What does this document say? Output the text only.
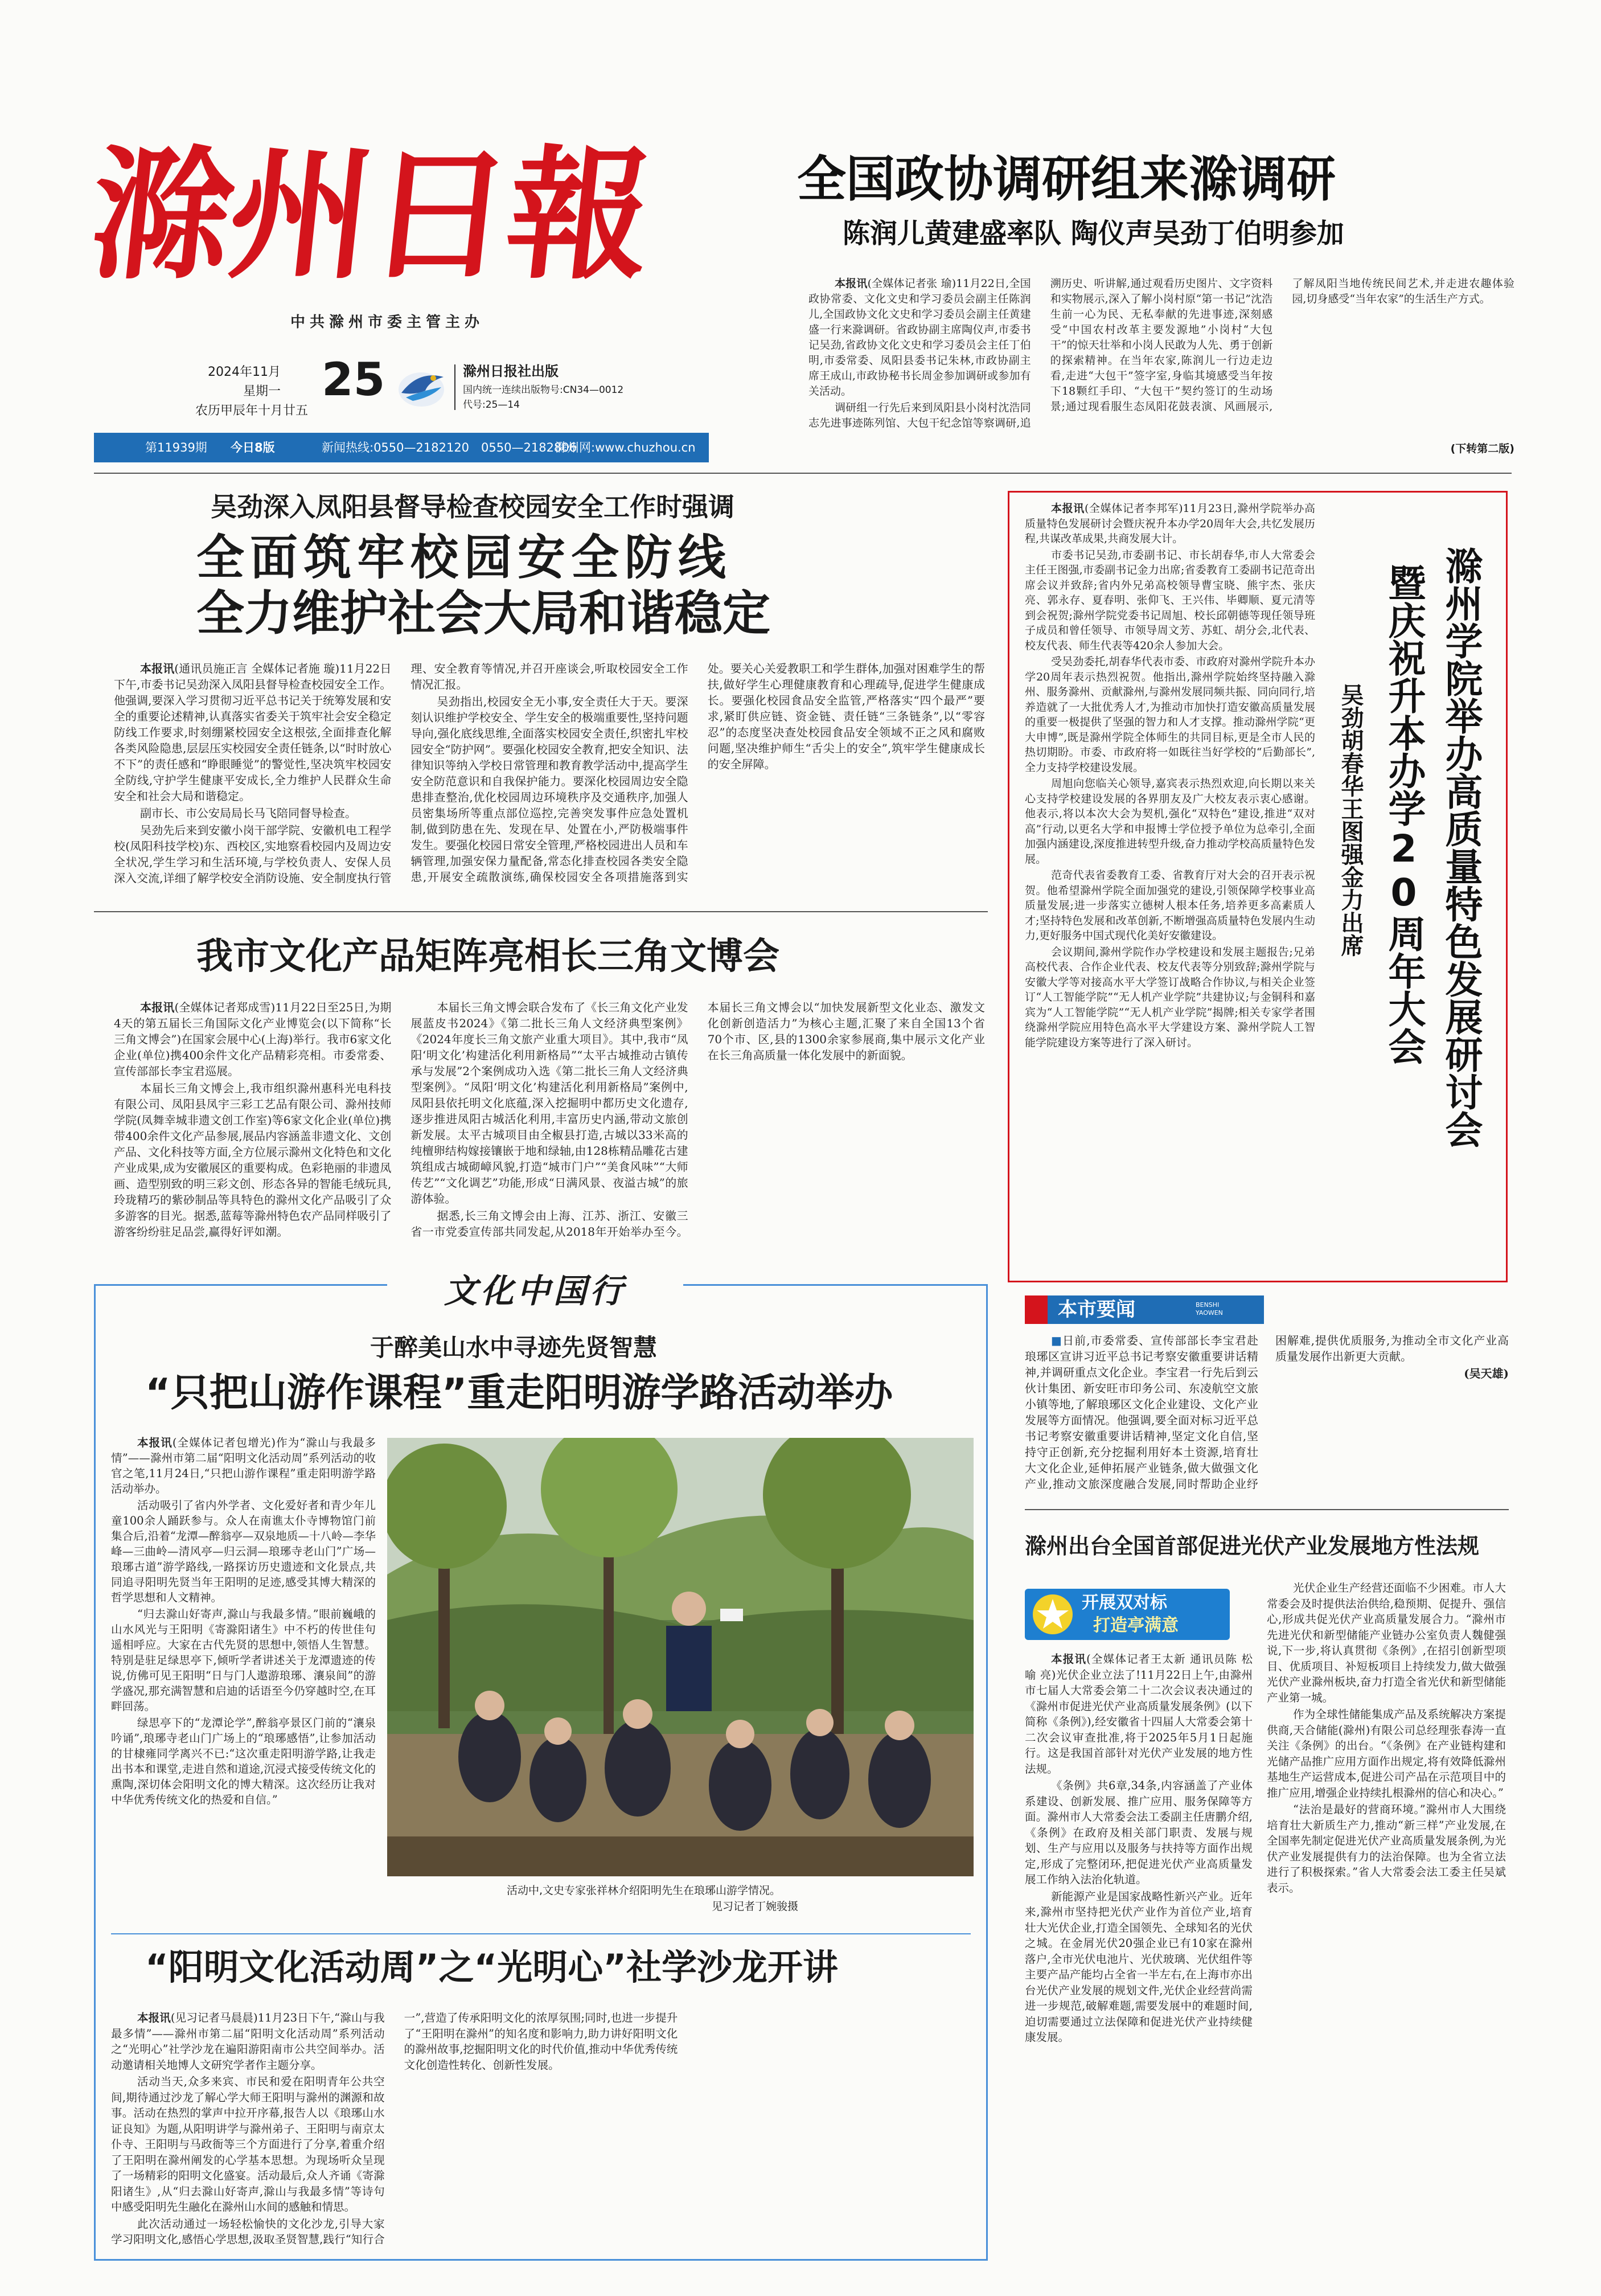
滁州日報
中共滁州市委主管主办
2024年11月
星期一
农历甲辰年十月廿五
25	滁州日报社出版
国内统一连续出版物号:CN34—0012
代号:25—14
第11939期 今日8版	新闻热线:0550—2182120　0550—2182806
滁州网:www.chuzhou.cn
全国政协调研组来滁调研
陈润儿黄建盛率队 陶仪声吴劲丁伯明参加

本报讯(全媒体记者张 瑜)11月22日,全国政协常委、文化文史和学习委员会副主任陈润儿,全国政协文化文史和学习委员会副主任黄建盛一行来滁调研。省政协副主席陶仪声,市委书记吴劲,省政协文化文史和学习委员会主任丁伯明,市委常委、凤阳县委书记朱林,市政协副主席王成山,市政协秘书长周金参加调研或参加有关活动。

调研组一行先后来到凤阳县小岗村沈浩同志先进事迹陈列馆、大包干纪念馆等察调研,追溯历史、听讲解,通过观看历史图片、文字资料和实物展示,深入了解小岗村原“第一书记”沈浩生前一心为民、无私奉献的先进事迹,深刻感受“中国农村改革主要发源地”小岗村“大包干”的惊天壮举和小岗人民敢为人先、勇于创新的探索精神。在当年农家,陈润儿一行边走边看,走进“大包干”签字室,身临其境感受当年按下18颗红手印、“大包干”契约签订的生动场景;通过现看服生态凤阳花鼓表演、风画展示,了解凤阳当地传统民间艺术,并走进农趣体验园,切身感受“当年农家”的生活生产方式。

(下转第二版)
吴劲深入凤阳县督导检查校园安全工作时强调
全面筑牢校园安全防线
全力维护社会大局和谐稳定

本报讯(通讯员施正言 全媒体记者施 璇)11月22日下午,市委书记吴劲深入凤阳县督导检查校园安全工作。他强调,要深入学习贯彻习近平总书记关于统筹发展和安全的重要论述精神,认真落实省委关于筑牢社会安全稳定防线工作要求,时刻绷紧校园安全这根弦,全面排查化解各类风险隐患,层层压实校园安全责任链条,以“时时放心不下”的责任感和“睁眼睡觉”的警觉性,坚决筑牢校园安全防线,守护学生健康平安成长,全力维护人民群众生命安全和社会大局和谐稳定。

副市长、市公安局局长马飞陪同督导检查。

吴劲先后来到安徽小岗干部学院、安徽机电工程学校(凤阳科技学校)东、西校区,实地察看校园内及周边安全状况,学生学习和生活环境,与学校负责人、安保人员深入交流,详细了解学校安全消防设施、安全制度执行管理、安全教育等情况,并召开座谈会,听取校园安全工作情况汇报。

吴劲指出,校园安全无小事,安全责任大于天。要深刻认识维护学校安全、学生安全的极端重要性,坚持问题导向,强化底线思维,全面落实校园安全责任,织密扎牢校园安全“防护网”。要强化校园安全教育,把安全知识、法律知识等纳入学校日常管理和教育教学活动中,提高学生安全防范意识和自我保护能力。要深化校园周边安全隐患排查整治,优化校园周边环境秩序及交通秩序,加强人员密集场所等重点部位巡控,完善突发事件应急处置机制,做到防患在先、发现在早、处置在小,严防极端事件发生。要强化校园日常安全管理,严格校园进出人员和车辆管理,加强安保力量配备,常态化排查校园各类安全隐患,开展安全疏散演练,确保校园安全各项措施落到实处。要关心关爱教职工和学生群体,加强对困难学生的帮扶,做好学生心理健康教育和心理疏导,促进学生健康成长。要强化校园食品安全监管,严格落实“四个最严”要求,紧盯供应链、资金链、责任链“三条链条”,以“零容忍”的态度坚决查处校园食品安全领域不正之风和腐败问题,坚决维护师生“舌尖上的安全”,筑牢学生健康成长的安全屏障。

我市文化产品矩阵亮相长三角文博会

本报讯(全媒体记者郑成雪)11月22日至25日,为期4天的第五届长三角国际文化产业博览会(以下简称“长三角文博会”)在国家会展中心(上海)举行。我市6家文化企业(单位)携400余件文化产品精彩亮相。市委常委、宣传部部长李宝君巡展。

本届长三角文博会上,我市组织滁州惠科光电科技有限公司、凤阳县凤宇三彩工艺品有限公司、滁州技师学院(凤舞幸城非遗文创工作室)等6家文化企业(单位)携带400余件文化产品参展,展品内容涵盖非遗文化、文创产品、文化科技等方面,全方位展示滁州文化特色和文化产业成果,成为安徽展区的重要构成。色彩艳丽的非遗凤画、造型别致的明三彩文创、形态各异的智能毛绒玩具,玲珑精巧的紫砂制品等具特色的滁州文化产品吸引了众多游客的目光。据悉,蓝莓等滁州特色农产品同样吸引了游客纷纷驻足品尝,赢得好评如潮。

本届长三角文博会联合发布了《长三角文化产业发展蓝皮书2024》《第二批长三角人文经济典型案例》《2024年度长三角文旅产业重大项目》。其中,我市“凤阳‘明文化’构建活化利用新格局”“太平古城推动古镇传承与发展”2个案例成功入选《第二批长三角人文经济典型案例》。“凤阳‘明文化’构建活化利用新格局”案例中,凤阳县依托明文化底蕴,深入挖掘明中都历史文化遗存,逐步推进凤阳古城活化利用,丰富历史内涵,带动文旅创新发展。太平古城项目由全椒县打造,古城以33米高的纯檀卵结构嫁接镶嵌于地和绿轴,由128栋精品雕花古建筑组成古城砌嶂风貌,打造“城市门户”“美食风味”“大师传艺”“文化调艺”功能,形成“日满风景、夜溢古城”的旅游体验。

据悉,长三角文博会由上海、江苏、浙江、安徽三省一市党委宣传部共同发起,从2018年开始举办至今。本届长三角文博会以“加快发展新型文化业态、激发文化创新创造活力”为核心主题,汇聚了来自全国13个省70个市、区,县的1300余家参展商,集中展示文化产业在长三角高质量一体化发展中的新面貌。

本报讯(全媒体记者李邦军)11月23日,滁州学院举办高质量特色发展研讨会暨庆祝升本办学20周年大会,共忆发展历程,共谋改革成果,共商发展大计。

市委书记吴劲,市委副书记、市长胡春华,市人大常委会主任王图强,市委副书记金力出席;省委教育工委副书记范奇出席会议并致辞;省内外兄弟高校领导曹宝晓、熊宇杰、张庆亮、郭永存、夏春明、张仰飞、王兴伟、毕卿顺、夏元清等到会祝贺;滁州学院党委书记周旭、校长邱朝德等现任领导班子成员和曾任领导、市领导周文芳、苏虹、胡分会,北代表、校友代表、师生代表等420余人参加大会。

受吴劲委托,胡春华代表市委、市政府对滁州学院升本办学20周年表示热烈祝贺。他指出,滁州学院始终坚持融入滁州、服务滁州、贡献滁州,与滁州发展同频共振、同向同行,培养造就了一大批优秀人才,为推动市加快打造安徽高质量发展的重要一极提供了坚强的智力和人才支撑。推动滁州学院“更大申博”,既是滁州学院全体师生的共同目标,更是全市人民的热切期盼。市委、市政府将一如既往当好学校的“后勤部长”,全力支持学校建设发展。

周旭向您临关心领导,嘉宾表示热烈欢迎,向长期以来关心支持学校建设发展的各界朋友及广大校友表示衷心感谢。他表示,将以本次大会为契机,强化“双特色”建设,推进“双对高”行动,以更名大学和申报博士学位授予单位为总牵引,全面加强内涵建设,深度推进转型升级,奋力推动学校高质量特色发展。

范奇代表省委教育工委、省教育厅对大会的召开表示祝贺。他希望滁州学院全面加强党的建设,引领保障学校事业高质量发展;进一步落实立德树人根本任务,培养更多高素质人才;坚持特色发展和改革创新,不断增强高质量特色发展内生动力,更好服务中国式现代化美好安徽建设。

会议期间,滁州学院作办学校建设和发展主题报告;兄弟高校代表、合作企业代表、校友代表等分别致辞;滁州学院与安徽大学等对接高水平大学签订战略合作协议,与相关企业签订“人工智能学院”“无人机产业学院”共建协议;与金铜科和嘉宾为“人工智能学院”“无人机产业学院”揭牌;相关专家学者围绕滁州学院应用特色高水平大学建设方案、滁州学院人工智能学院建设方案等进行了深入研讨。	滁州学院举办高质量特色发展研讨会
暨庆祝升本办学20周年大会
吴劲胡春华王图强金力出席
本市要闻	BENSHI YAOWEN

■日前,市委常委、宣传部部长李宝君赴琅琊区宣讲习近平总书记考察安徽重要讲话精神,并调研重点文化企业。李宝君一行先后到云伙计集团、新安旺市印务公司、东凌航空文旅小镇等地,了解琅琊区文化企业建设、文化产业发展等方面情况。他强调,要全面对标习近平总书记考察安徽重要讲话精神,坚定文化自信,坚持守正创新,充分挖掘利用好本土资源,培育壮大文化企业,延伸拓展产业链条,做大做强文化产业,推动文旅深度融合发展,同时帮助企业纾困解难,提供优质服务,为推动全市文化产业高质量发展作出新更大贡献。

(吴天雄)

滁州出台全国首部促进光伏产业发展地方性法规
开展双对标
打造亭满意

本报讯(全媒体记者王太新 通讯员陈 松 喻 亮)光伏企业立法了!11月22日上午,由滁州市七届人大常委会第二十二次会议表决通过的《滁州市促进光伏产业高质量发展条例》(以下简称《条例》),经安徽省十四届人大常委会第十二次会议审查批准,将于2025年5月1日起施行。这是我国首部针对光伏产业发展的地方性法规。

《条例》共6章,34条,内容涵盖了产业体系建设、创新发展、推广应用、服务保障等方面。滁州市人大常委会法工委副主任唐鹏介绍,《条例》在政府及相关部门职责、发展与规划、生产与应用以及服务与扶持等方面作出规定,形成了完整闭环,把促进光伏产业高质量发展工作纳入法治化轨道。

新能源产业是国家战略性新兴产业。近年来,滁州市坚持把光伏产业作为首位产业,培育壮大光伏企业,打造全国领先、全球知名的光伏之城。在金屑光伏20强企业已有10家在滁州落户,全市光伏电池片、光伏玻璃、光伏组件等主要产品产能均占全省一半左右,在上海市亦出台光伏产业发展的规划文件,光伏企业经营尚需进一步规范,破解难题,需要发展中的难题时间,迫切需要通过立法保障和促进光伏产业持续健康发展。

光伏企业生产经营还面临不少困难。市人大常委会及时提供法治供给,稳预期、促提升、强信心,形成共促光伏产业高质量发展合力。“滁州市先进光伏和新型储能产业链办公室负责人魏健强说,下一步,将认真贯彻《条例》,在招引创新型项目、优质项目、补短板项目上持续发力,做大做强光伏产业滁州板块,奋力打造全省光伏和新型储能产业第一城。

作为全球性储能集成产品及系统解决方案提供商,天合储能(滁州)有限公司总经理张春涛一直关注《条例》的出台。“《条例》在产业链构建和光储产品推广应用方面作出规定,将有效降低滁州基地生产运营成本,促进公司产品在示范项目中的推广应用,增强企业持续扎根滁州的信心和决心。”

“法治是最好的营商环境。”滁州市人大围绕培育壮大新质生产力,推动“新三样”产业发展,在全国率先制定促进光伏产业高质量发展条例,为光伏产业发展提供有力的法治保障。也为全省立法进行了积极探索。”省人大常委会法工委主任吴斌表示。

文化中国行
于醉美山水中寻迹先贤智慧
“只把山游作课程”重走阳明游学路活动举办

本报讯(全媒体记者包增光)作为“滁山与我最多情”——滁州市第二届“阳明文化活动周”系列活动的收官之笔,11月24日,“只把山游作课程”重走阳明游学路活动举办。

活动吸引了省内外学者、文化爱好者和青少年儿童100余人踊跃参与。众人在南谯太仆寺博物馆门前集合后,沿着“龙潭—醉翁亭—双泉地质—十八岭—李华峰—三曲岭—清风亭—归云洞—琅琊寺老山门”广场—琅琊古道”游学路线,一路探访历史遗迹和文化景点,共同追寻阳明先贤当年王阳明的足迹,感受其博大精深的哲学思想和人文精神。

“归去滁山好寄声,滁山与我最多情。”眼前巍峨的山水风光与王阳明《寄滁阳诸生》中不朽的传世佳句遥相呼应。大家在古代先贤的思想中,领悟人生智慧。特别是驻足绿思亭下,倾听学者讲述关于龙潭遗迹的传说,仿佛可见王阳明“日与门人遨游琅琊、瀼泉间”的游学盛况,那充满智慧和启迪的话语至今仍穿越时空,在耳畔回荡。

绿思亭下的“龙潭论学”,醉翁亭景区门前的“瀼泉吟诵”,琅琊寺老山门广场上的“琅琊感悟”,让参加活动的甘棣雍同学离兴不已:“这次重走阳明游学路,让我走出书本和课堂,走进自然和道途,沉浸式接受传统文化的熏陶,深切体会阳明文化的博大精深。这次经历让我对中华优秀传统文化的热爱和自信。”

活动中,文史专家张祥林介绍阳明先生在琅琊山游学情况。
见习记者丁婉骏摄
“阳明文化活动周”之“光明心”社学沙龙开讲

本报讯(见习记者马晨晨)11月23日下午,“滁山与我最多情”——滁州市第二届“阳明文化活动周”系列活动之“光明心”社学沙龙在遍阳游阳南市公共空间举办。活动邀请相关地博人文研究学者作主题分享。

活动当天,众多来宾、市民和爱在阳明青年公共空间,期待通过沙龙了解心学大师王阳明与滁州的渊源和故事。活动在热烈的掌声中拉开序幕,报告人以《琅琊山水证良知》为题,从阳明讲学与滁州弟子、王阳明与南京太仆寺、王阳明与马政衙等三个方面进行了分享,着重介绍了王阳明在滁州阐发的心学基本思想。为现场听众呈现了一场精彩的阳明文化盛宴。活动最后,众人齐诵《寄滁阳诸生》,从“归去滁山好寄声,滁山与我最多情”等诗句中感受阳明先生融化在滁州山水间的感触和情思。

此次活动通过一场轻松愉快的文化沙龙,引导大家学习阳明文化,感悟心学思想,汲取圣贤智慧,践行“知行合一”,营造了传承阳明文化的浓厚氛围;同时,也进一步提升了“王阳明在滁州”的知名度和影响力,助力讲好阳明文化的滁州故事,挖掘阳明文化的时代价值,推动中华优秀传统文化创造性转化、创新性发展。
